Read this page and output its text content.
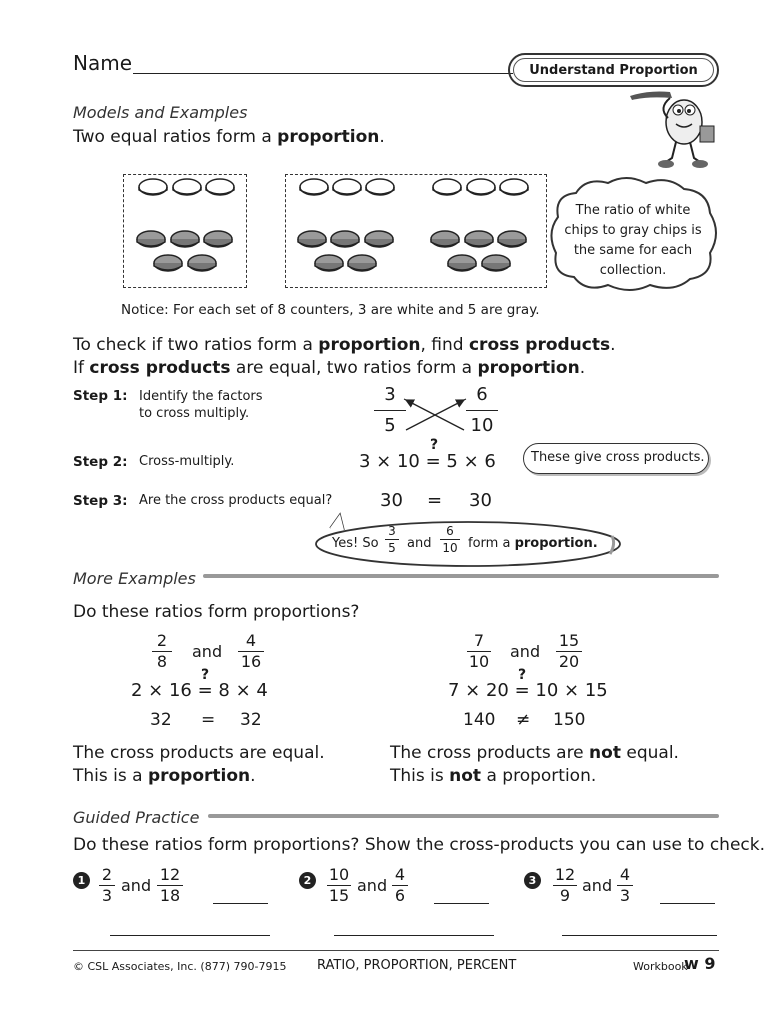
Name	Understand Proportion
Models and Examples
Two equal ratios form a proportion.
The ratio of white chips to gray chips is the same for each collection.
Notice: For each set of 8 counters, 3 are white and 5 are gray.
To check if two ratios form a proportion, find cross products.
If cross products are equal, two ratios form a proportion.
Step 1: Identify the factors to cross multiply.
Step 2: Cross-multiply.
Step 3: Are the cross products equal?
3
5
6
10
?
3 × 10 = 5 × 6	These give cross products.
30 = 30
Yes! So
3
5 and
6
10 form a proportion.
More Examples
Do these ratios form proportions?
2
8
and
4
16
?
2 × 16 = 8 × 4
32 = 32
The cross products are equal.
This is a proportion.
7
10
and
15
20
?
7 × 20 = 10 × 15
140 ≠ 150
The cross products are not equal.
This is not a proportion.
Guided Practice
Do these ratios form proportions? Show the cross-products you can use to check.
1 2
3
and
12
18
2 10
15
and
4
6
3 12
9
and
4
3
© CSL Associates, Inc. (877) 790-7915 RATIO, PROPORTION, PERCENT	Workbook
w 9
